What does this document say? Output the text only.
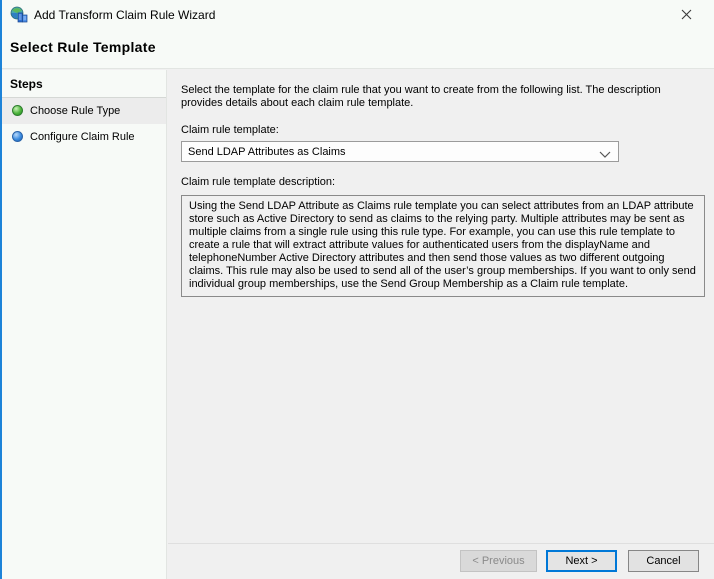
Add Transform Claim Rule Wizard
Select Rule Template
Steps
Choose Rule Type
Configure Claim Rule
Select the template for the claim rule that you want to create from the following list. The description provides details about each claim rule template.
Claim rule template:
Send LDAP Attributes as Claims
Claim rule template description:
Using the Send LDAP Attribute as Claims rule template you can select attributes from an LDAP attribute store such as Active Directory to send as claims to the relying party. Multiple attributes may be sent as multiple claims from a single rule using this rule type. For example, you can use this rule template to create a rule that will extract attribute values for authenticated users from the displayName and telephoneNumber Active Directory attributes and then send those values as two different outgoing claims. This rule may also be used to send all of the user’s group memberships. If you want to only send individual group memberships, use the Send Group Membership as a Claim rule template.
< Previous	Next >	Cancel
